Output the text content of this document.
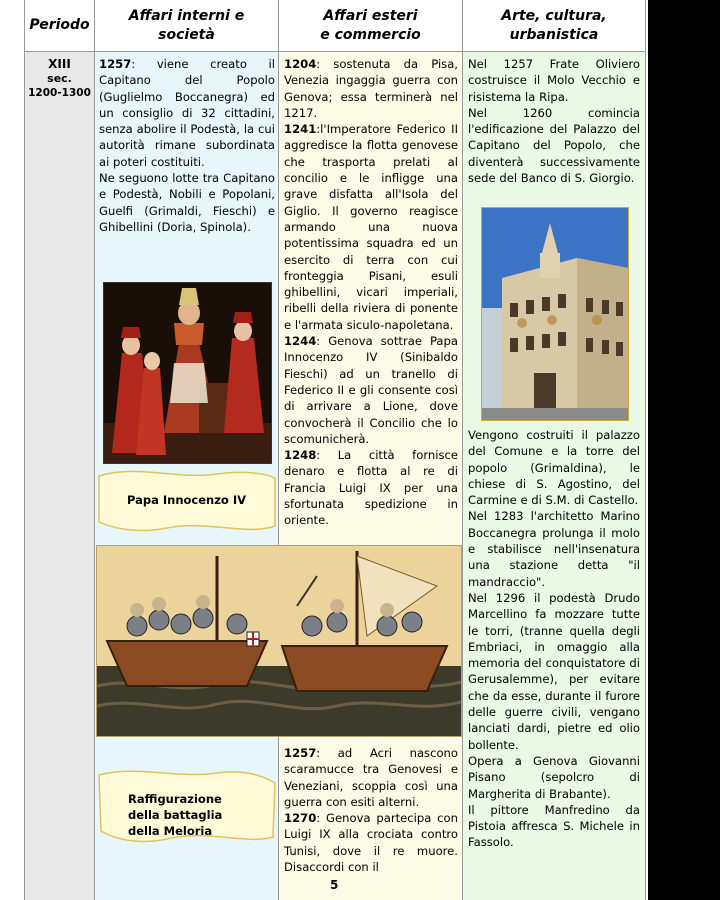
Periodo
Affari interni e
società
Affari esteri
e commercio
Arte, cultura,
urbanistica
XIII
sec.
1200-1300

1257: viene creato il Capitano del Popolo (Guglielmo Boccanegra) ed un consiglio di 32 cittadini, senza abolire il Podestà, la cui autorità rimane subordinata ai poteri costituiti.

Ne seguono lotte tra Capitano e Podestà, Nobili e Popolani, Guelfi (Grimaldi, Fieschi) e Ghibellini (Doria, Spinola).

Papa Innocenzo IV

1204: sostenuta da Pisa, Venezia ingaggia guerra con Genova; essa terminerà nel 1217.

1241:l'Imperatore Federico II aggredisce la flotta genovese che trasporta prelati al concilio e le infligge una grave disfatta all'Isola del Giglio. Il governo reagisce armando una nuova potentissima squadra ed un esercito di terra con cui fronteggia Pisani, esuli ghibellini, vicari imperiali, ribelli della riviera di ponente e l'armata siculo-napoletana.

1244: Genova sottrae Papa Innocenzo IV (Sinibaldo Fieschi) ad un tranello di Federico II e gli consente così di arrivare a Lione, dove convocherà il Concilio che lo scomunicherà.

1248: La città fornisce denaro e flotta al re di Francia Luigi IX per una sfortunata spedizione in oriente.

Raffigurazione
della battaglia
della Meloria

1257: ad Acri nascono scaramucce tra Genovesi e Veneziani, scoppia così una guerra con esiti alterni.

1270: Genova partecipa con Luigi IX alla crociata contro Tunisi, dove il re muore. Disaccordi con il

Nel 1257 Frate Oliviero costruisce il Molo Vecchio e risistema la Ripa.

Nel 1260 comincia l'edificazione del Palazzo del Capitano del Popolo, che diventerà successivamente sede del Banco di S. Giorgio.

Vengono costruiti il palazzo del Comune e la torre del popolo (Grimaldina), le chiese di S. Agostino, del Carmine e di S.M. di Castello.

Nel 1283 l'architetto Marino Boccanegra prolunga il molo e stabilisce nell'insenatura una stazione detta "il mandraccio".

Nel 1296 il podestà Drudo Marcellino fa mozzare tutte le torri, (tranne quella degli Embriaci, in omaggio alla memoria del conquistatore di Gerusalemme), per evitare che da esse, durante il furore delle guerre civili, vengano lanciati dardi, pietre ed olio bollente.

Opera a Genova Giovanni Pisano (sepolcro di Margherita di Brabante).

Il pittore Manfredino da Pistoia affresca S. Michele in Fassolo.

5
